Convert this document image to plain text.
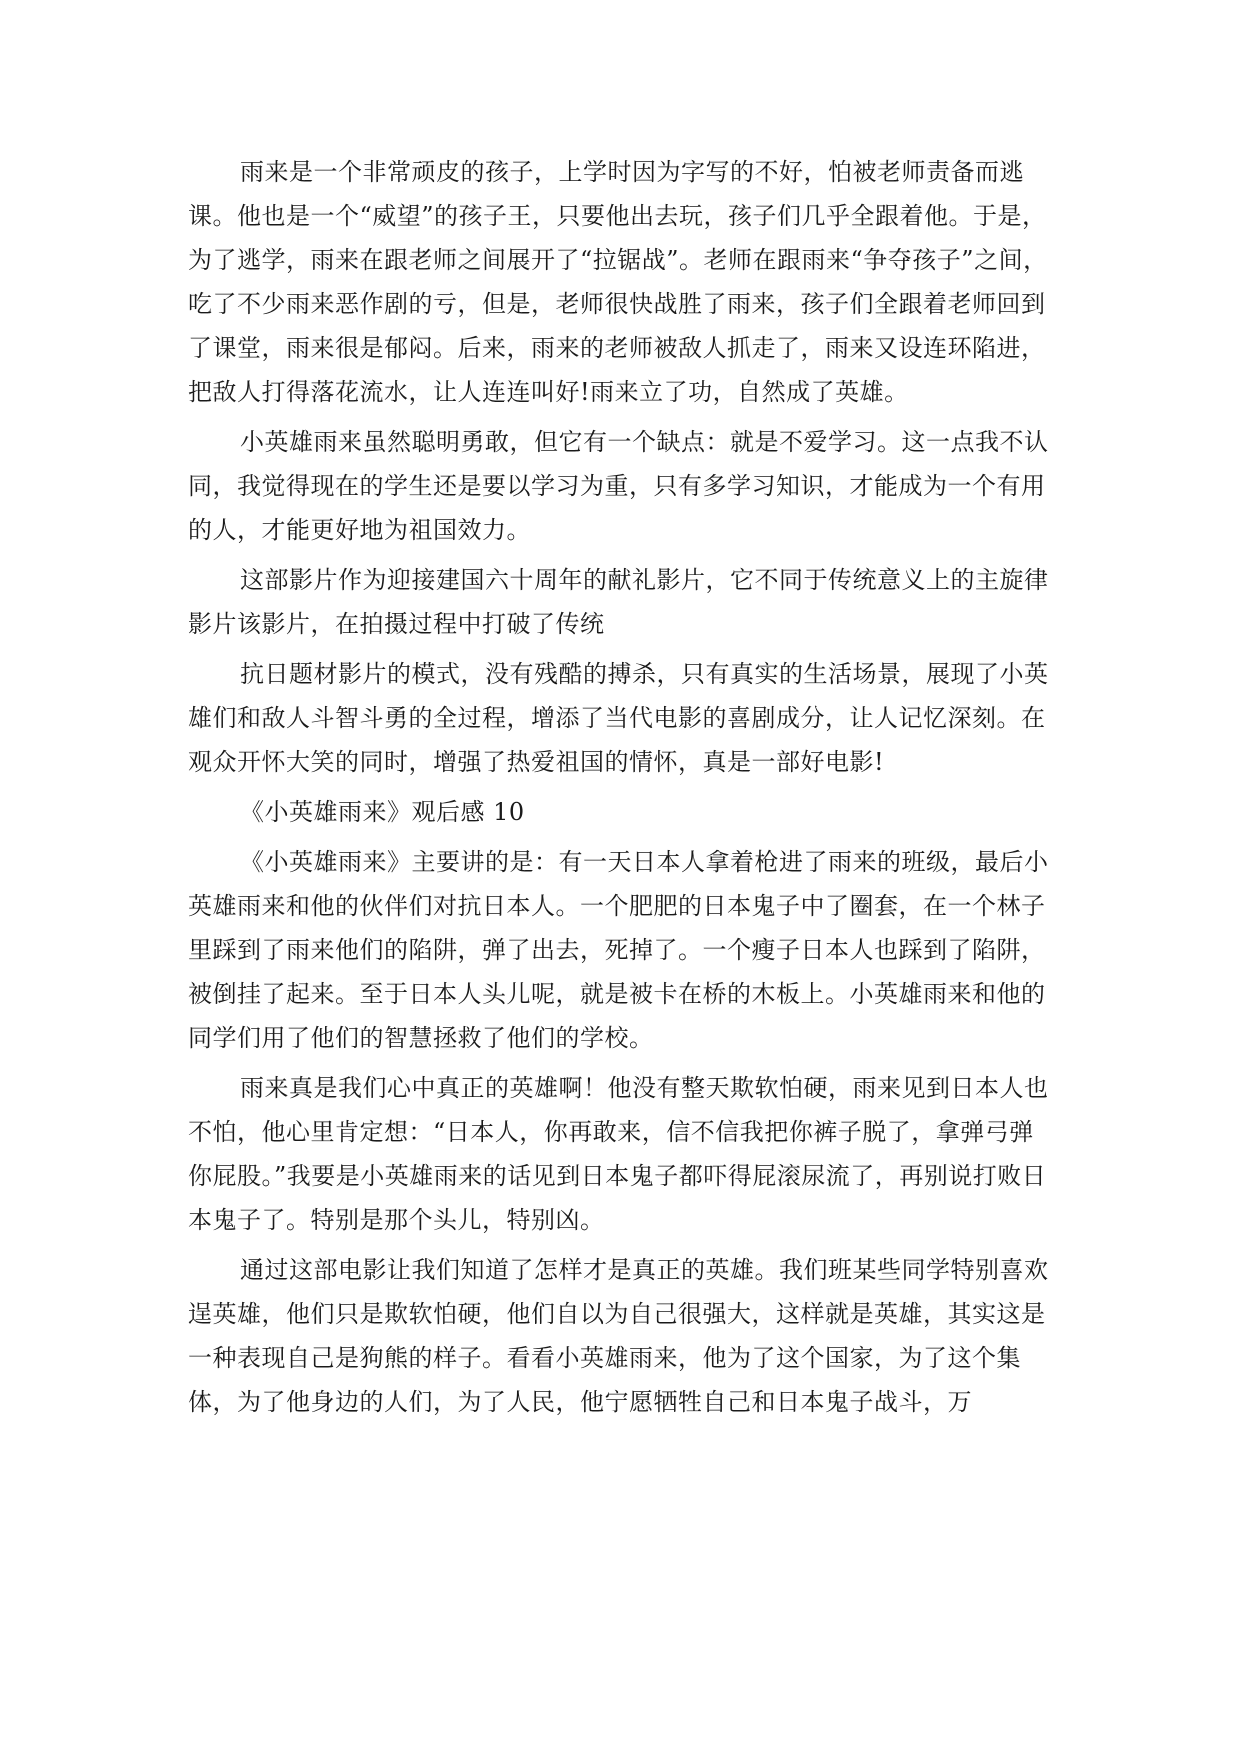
雨来是一个非常顽皮的孩子，上学时因为字写的不好，怕被老师责备而逃课。他也是一个“威望”的孩子王，只要他出去玩，孩子们几乎全跟着他。于是，为了逃学，雨来在跟老师之间展开了“拉锯战”。老师在跟雨来“争夺孩子”之间，吃了不少雨来恶作剧的亏，但是，老师很快战胜了雨来，孩子们全跟着老师回到了课堂，雨来很是郁闷。后来，雨来的老师被敌人抓走了，雨来又设连环陷进，把敌人打得落花流水，让人连连叫好!雨来立了功，自然成了英雄。

小英雄雨来虽然聪明勇敢，但它有一个缺点：就是不爱学习。这一点我不认同，我觉得现在的学生还是要以学习为重，只有多学习知识，才能成为一个有用的人，才能更好地为祖国效力。

这部影片作为迎接建国六十周年的献礼影片，它不同于传统意义上的主旋律影片该影片，在拍摄过程中打破了传统

抗日题材影片的模式，没有残酷的搏杀，只有真实的生活场景，展现了小英雄们和敌人斗智斗勇的全过程，增添了当代电影的喜剧成分，让人记忆深刻。在观众开怀大笑的同时，增强了热爱祖国的情怀，真是一部好电影!

《小英雄雨来》观后感 10

《小英雄雨来》主要讲的是：有一天日本人拿着枪进了雨来的班级，最后小英雄雨来和他的伙伴们对抗日本人。一个肥肥的日本鬼子中了圈套，在一个林子里踩到了雨来他们的陷阱，弹了出去，死掉了。一个瘦子日本人也踩到了陷阱，被倒挂了起来。至于日本人头儿呢，就是被卡在桥的木板上。小英雄雨来和他的同学们用了他们的智慧拯救了他们的学校。

雨来真是我们心中真正的英雄啊！他没有整天欺软怕硬，雨来见到日本人也不怕，他心里肯定想：“日本人，你再敢来，信不信我把你裤子脱了，拿弹弓弹你屁股。”我要是小英雄雨来的话见到日本鬼子都吓得屁滚尿流了，再别说打败日本鬼子了。特别是那个头儿，特别凶。

通过这部电影让我们知道了怎样才是真正的英雄。我们班某些同学特别喜欢逞英雄，他们只是欺软怕硬，他们自以为自己很强大，这样就是英雄，其实这是一种表现自己是狗熊的样子。看看小英雄雨来，他为了这个国家，为了这个集体，为了他身边的人们，为了人民，他宁愿牺牲自己和日本鬼子战斗，万
